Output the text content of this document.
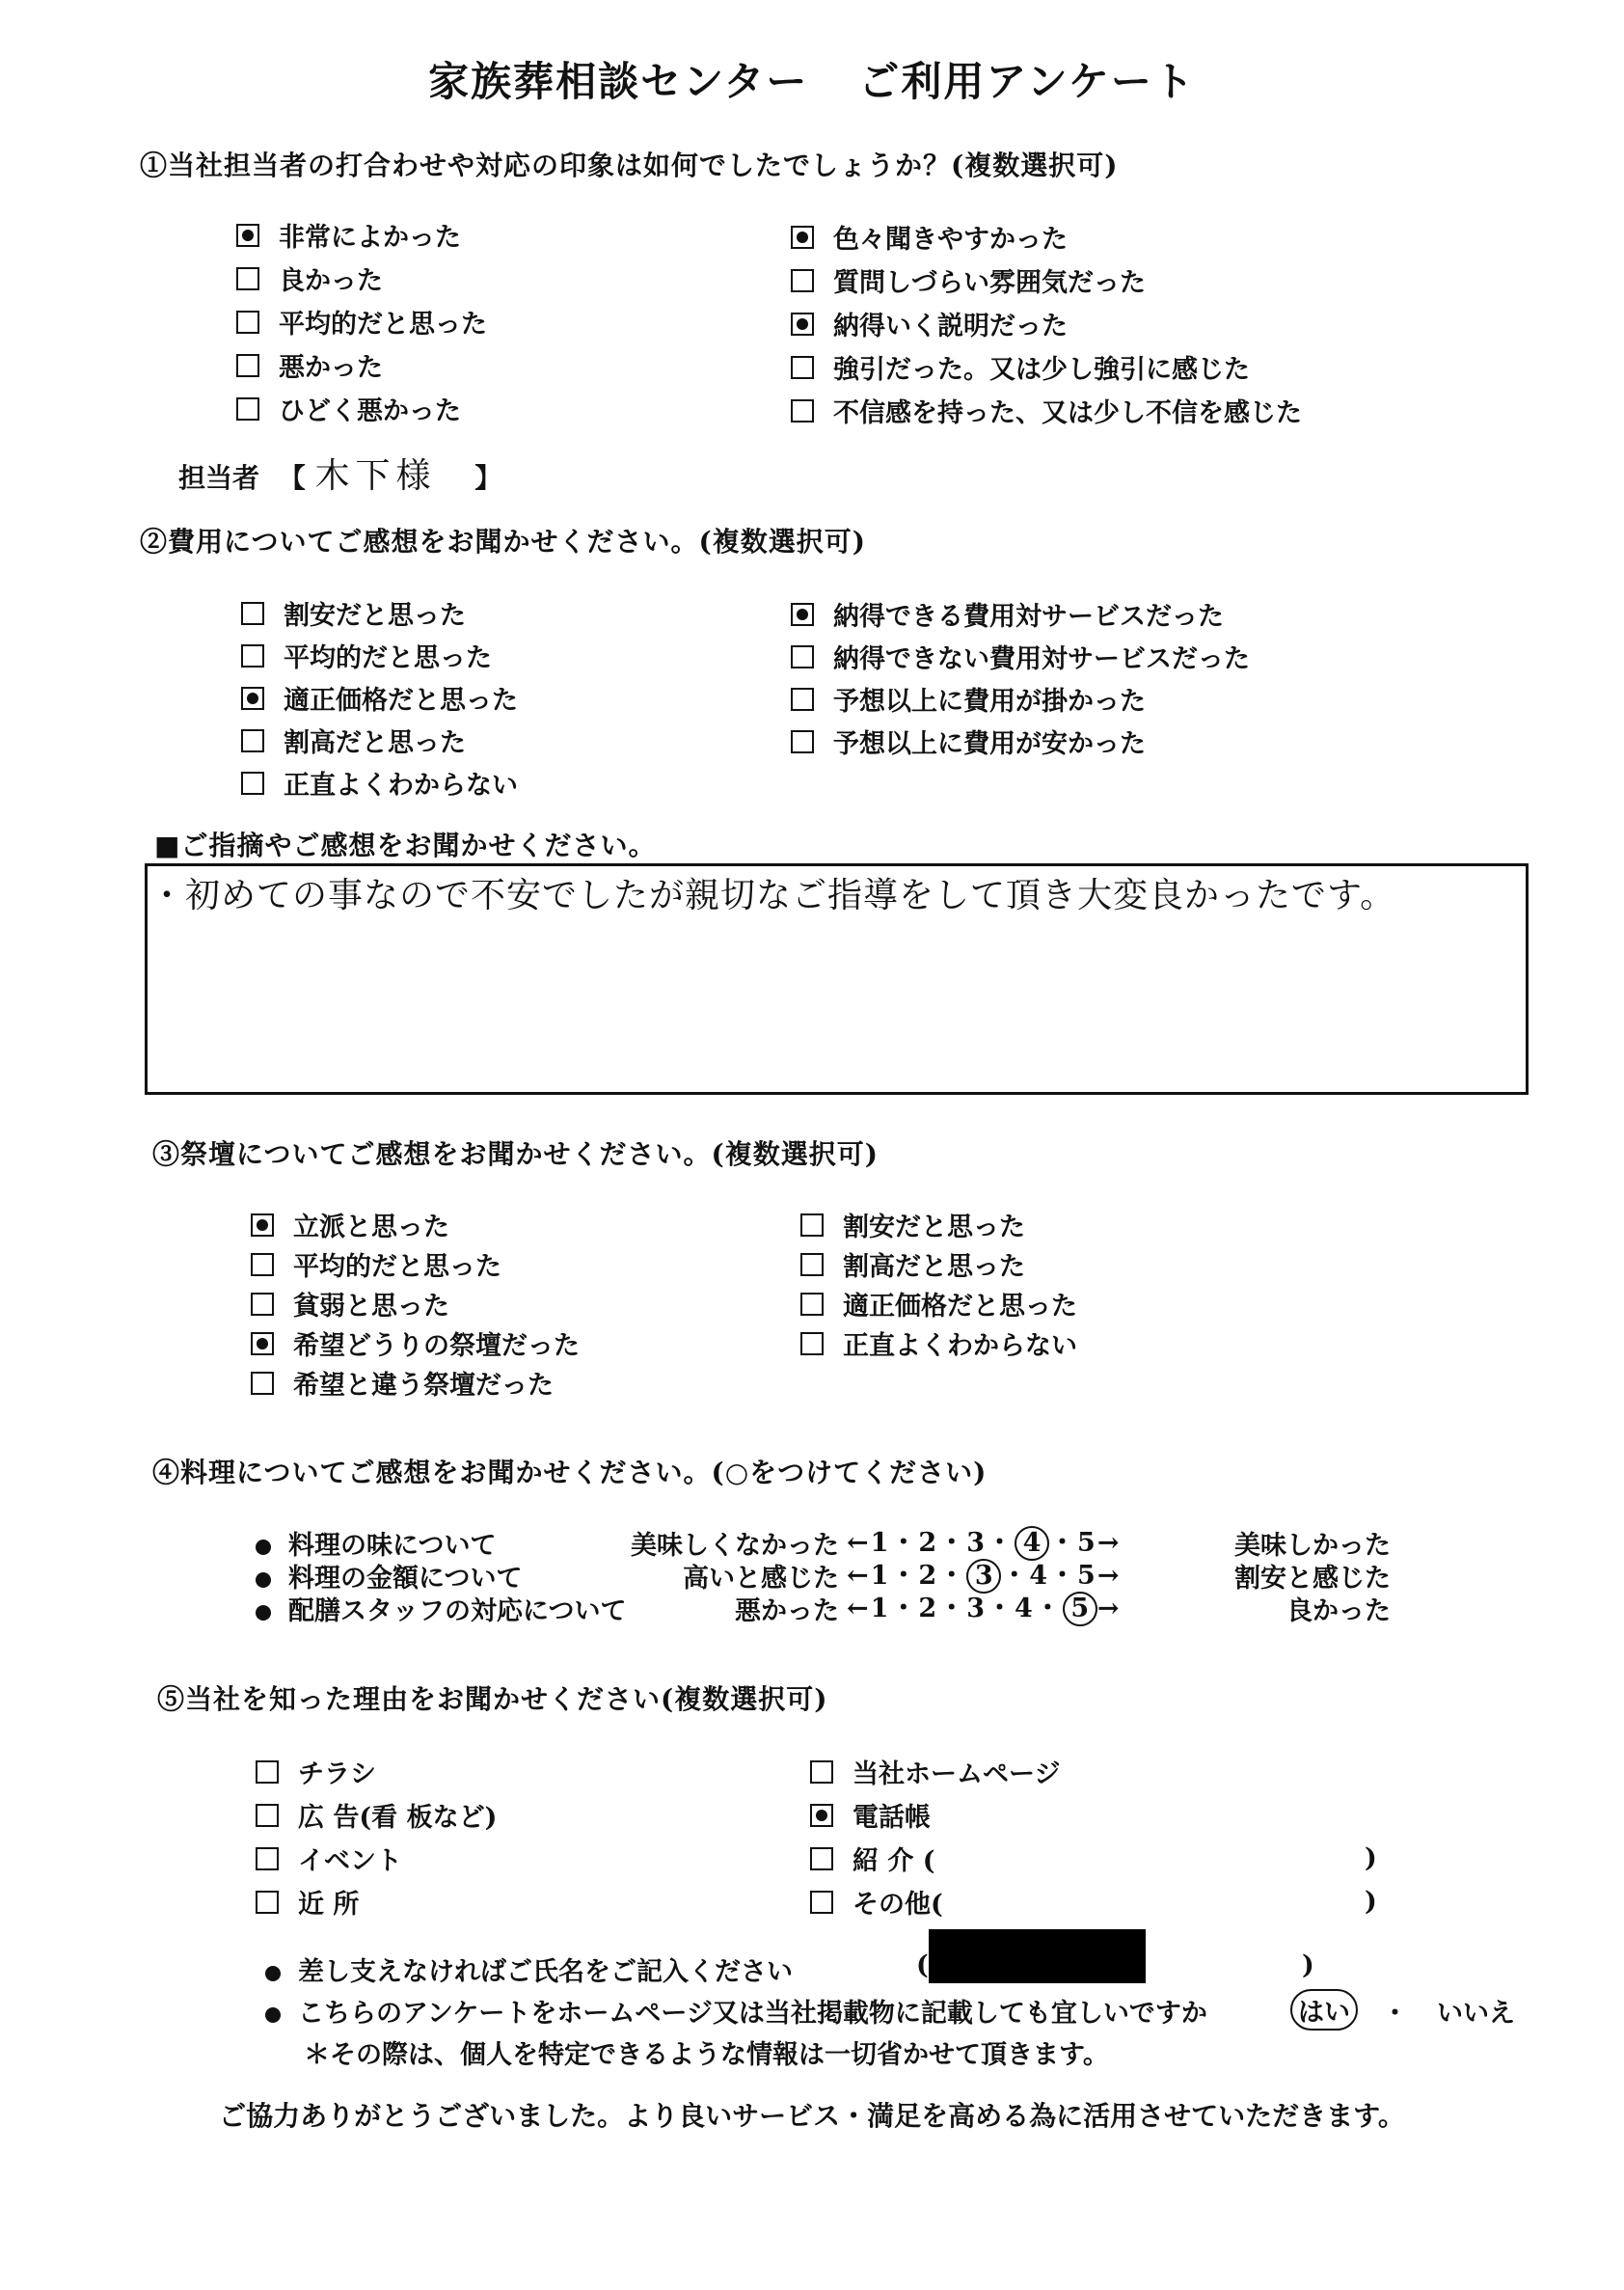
家族葬相談センター ご利用アンケート
①当社担当者の打合わせや対応の印象は如何でしたでしょうか？(複数選択可)
非常によかった
良かった
平均的だと思った
悪かった
ひどく悪かった
色々聞きやすかった
質問しづらい雰囲気だった
納得いく説明だった
強引だった。又は少し強引に感じた
不信感を持った、又は少し不信を感じた
担当者 【 木下様 】
②費用についてご感想をお聞かせください。(複数選択可)
割安だと思った
平均的だと思った
適正価格だと思った
割高だと思った
正直よくわからない
納得できる費用対サービスだった
納得できない費用対サービスだった
予想以上に費用が掛かった
予想以上に費用が安かった
■ご指摘やご感想をお聞かせください。
・初めての事なので不安でしたが親切なご指導をして頂き大変良かったです。
③祭壇についてご感想をお聞かせください。(複数選択可)
立派と思った
平均的だと思った
貧弱と思った
希望どうりの祭壇だった
希望と違う祭壇だった
割安だと思った
割高だと思った
適正価格だと思った
正直よくわからない
④料理についてご感想をお聞かせください。(○をつけてください)
料理の味について	美味しくなかった ←1・2・3・ 4 ・5→	美味しかった
料理の金額について	高いと感じた ←1・2・ 3 ・4・5→	割安と感じた
配膳スタッフの対応について	悪かった ←1・2・3・4・ 5 →	良かった
⑤当社を知った理由をお聞かせください(複数選択可)
チラシ
広 告(看 板など)
イベント
近 所
当社ホームページ
電話帳
紹 介 (	)
その他(	)
差し支えなければご氏名をご記入ください	(	)
こちらのアンケートをホームページ又は当社掲載物に記載しても宜しいですか	はい ・ いいえ
＊その際は、個人を特定できるような情報は一切省かせて頂きます。
ご協力ありがとうございました。より良いサービス・満足を高める為に活用させていただきます。
